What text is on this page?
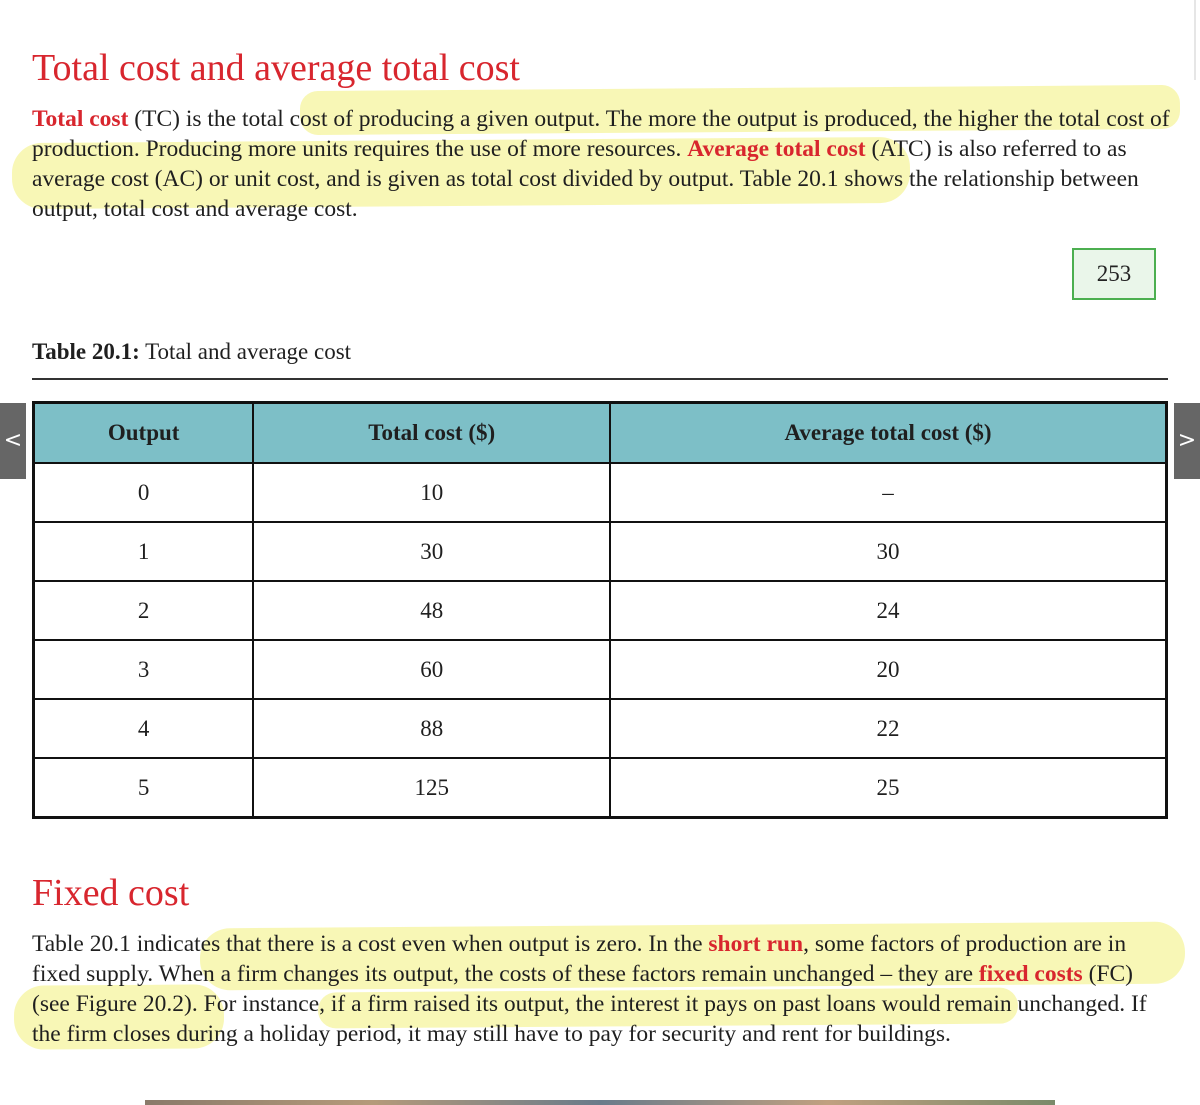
Total cost and average total cost

Total cost (TC) is the total cost of producing a given output. The more the output is produced, the higher the total cost of production. Producing more units requires the use of more resources. Average total cost (ATC) is also referred to as average cost (AC) or unit cost, and is given as total cost divided by output. Table 20.1 shows the relationship between output, total cost and average cost.

253
Table 20.1: Total and average cost
<	>
Output	Total cost ($)	Average total cost ($)
0	10	–
1	30	30
2	48	24
3	60	20
4	88	22
5	125	25
Fixed cost

Table 20.1 indicates that there is a cost even when output is zero. In the short run, some factors of production are in fixed supply. When a firm changes its output, the costs of these factors remain unchanged – they are fixed costs (FC) (see Figure 20.2). For instance, if a firm raised its output, the interest it pays on past loans would remain unchanged. If the firm closes during a holiday period, it may still have to pay for security and rent for buildings.
